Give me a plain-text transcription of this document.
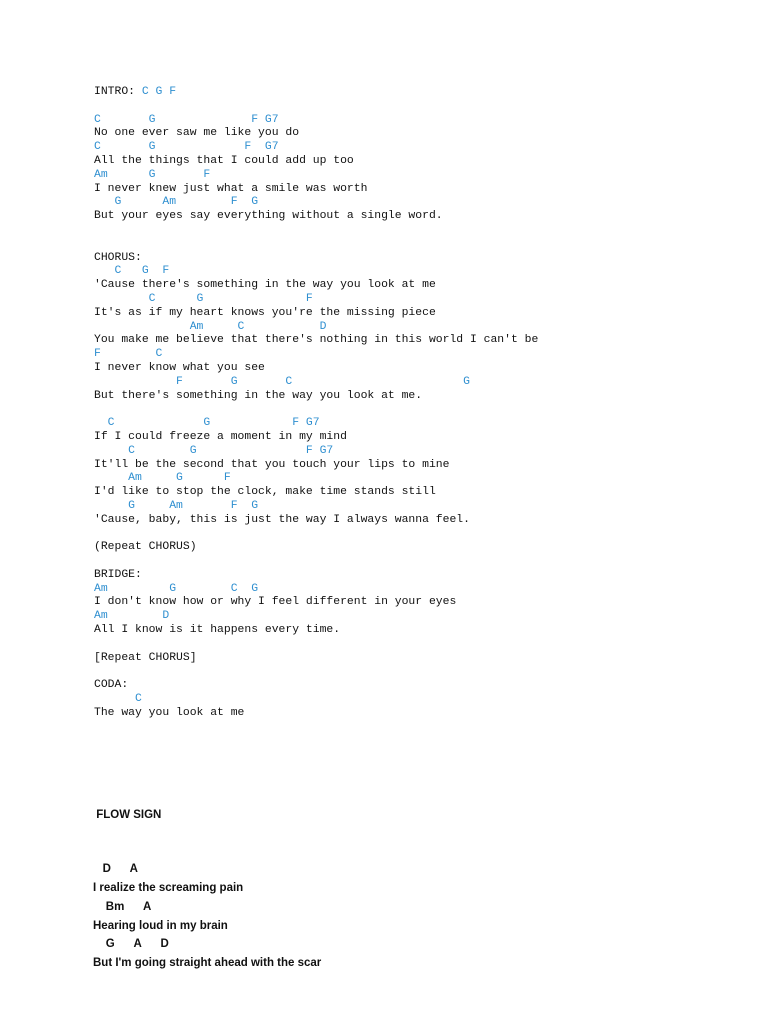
INTRO: C G F
C       G              F G7
No one ever saw me like you do
C       G             F  G7
All the things that I could add up too
Am      G       F
I never knew just what a smile was worth
G      Am        F  G
But your eyes say everything without a single word.
CHORUS:
C   G  F
'Cause there's something in the way you look at me
C      G               F
It's as if my heart knows you're the missing piece
Am     C           D
You make me believe that there's nothing in this world I can't be
F        C
I never know what you see
F       G       C                         G
But there's something in the way you look at me.
C             G            F G7
If I could freeze a moment in my mind
C        G                F G7
It'll be the second that you touch your lips to mine
Am     G      F
I'd like to stop the clock, make time stands still
G     Am       F  G
'Cause, baby, this is just the way I always wanna feel.
(Repeat CHORUS)
BRIDGE:
Am         G        C  G
I don't know how or why I feel different in your eyes
Am        D
All I know is it happens every time.
[Repeat CHORUS]
CODA:
C
The way you look at me

FLOW SIGN

D      A
I realize the screaming pain
Bm      A
Hearing loud in my brain
G      A      D
But I'm going straight ahead with the scar
